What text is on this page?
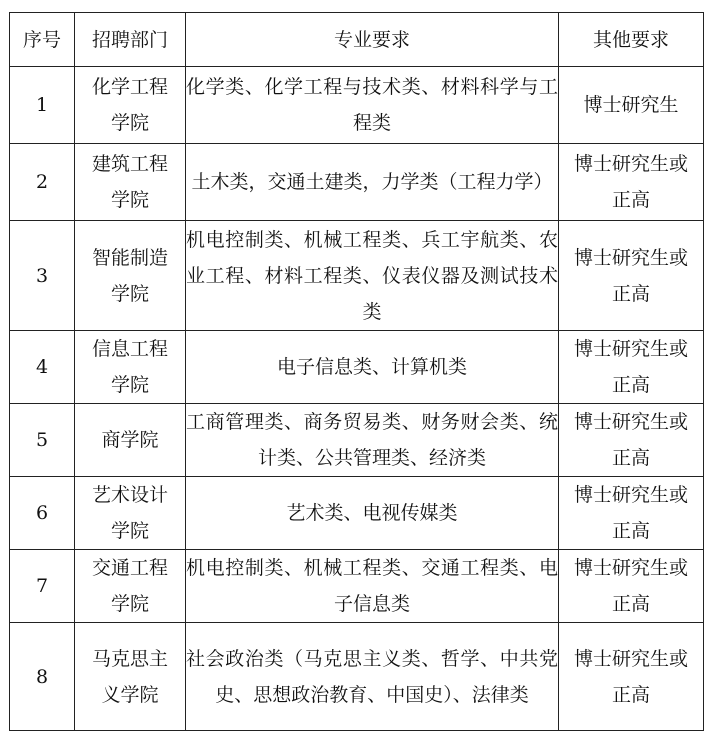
序号	招聘部门	专业要求	其他要求
1	化学工程学院	化学类、化学工程与技术类、材料科学与工程类	博士研究生

2	建筑工程学院	土木类，交通土建类，力学类（工程力学）	博士研究生或正高

3	智能制造学院	机电控制类、机械工程类、兵工宇航类、农业工程、材料工程类、仪表仪器及测试技术类	博士研究生或正高

4	信息工程学院	电子信息类、计算机类	博士研究生或正高

5	商学院	工商管理类、商务贸易类、财务财会类、统计类、公共管理类、经济类	博士研究生或正高

6	艺术设计学院	艺术类、电视传媒类	博士研究生或正高

7	交通工程学院	机电控制类、机械工程类、交通工程类、电子信息类	博士研究生或正高

8	马克思主义学院	社会政治类（马克思主义类、哲学、中共党史、思想政治教育、中国史）、法律类	博士研究生或正高
